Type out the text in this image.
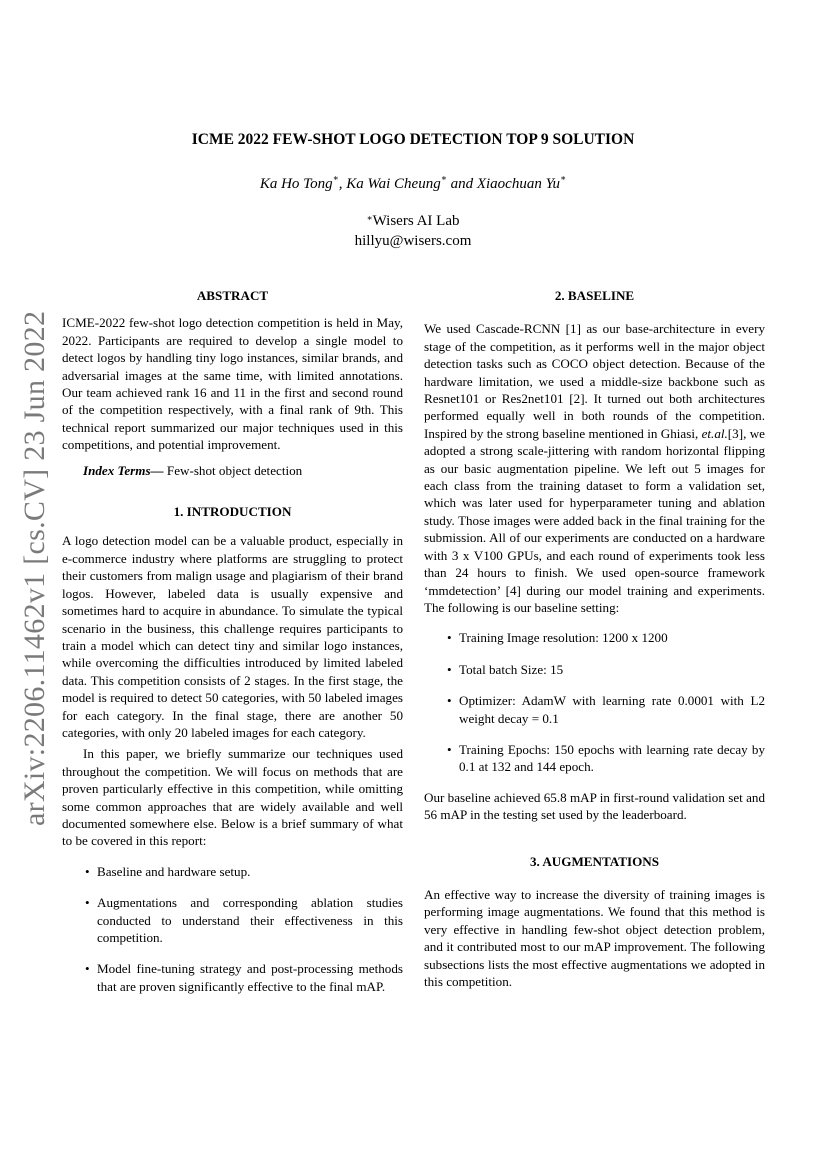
arXiv:2206.11462v1 [cs.CV] 23 Jun 2022
ICME 2022 FEW-SHOT LOGO DETECTION TOP 9 SOLUTION
Ka Ho Tong∗, Ka Wai Cheung∗ and Xiaochuan Yu∗
∗Wisers AI Lab
hillyu@wisers.com
ABSTRACT

ICME-2022 few-shot logo detection competition is held in May, 2022. Participants are required to develop a single model to detect logos by handling tiny logo instances, similar brands, and adversarial images at the same time, with limited annotations. Our team achieved rank 16 and 11 in the first and second round of the competition respectively, with a final rank of 9th. This technical report summarized our major techniques used in this competitions, and potential improvement.

Index Terms— Few-shot object detection

1. INTRODUCTION

A logo detection model can be a valuable product, especially in e-commerce industry where platforms are struggling to protect their customers from malign usage and plagiarism of their brand logos. However, labeled data is usually expensive and sometimes hard to acquire in abundance. To simulate the typical scenario in the business, this challenge requires participants to train a model which can detect tiny and similar logo instances, while overcoming the difficulties introduced by limited labeled data. This competition consists of 2 stages. In the first stage, the model is required to detect 50 categories, with 50 labeled images for each category. In the final stage, there are another 50 categories, with only 20 labeled images for each category.

In this paper, we briefly summarize our techniques used throughout the competition. We will focus on methods that are proven particularly effective in this competition, while omitting some common approaches that are widely available and well documented somewhere else. Below is a brief summary of what to be covered in this report:

• Baseline and hardware setup.
• Augmentations and corresponding ablation studies conducted to understand their effectiveness in this competition.
• Model fine-tuning strategy and post-processing methods that are proven significantly effective to the final mAP.
2. BASELINE

We used Cascade-RCNN [1] as our base-architecture in every stage of the competition, as it performs well in the major object detection tasks such as COCO object detection. Because of the hardware limitation, we used a middle-size backbone such as Resnet101 or Res2net101 [2]. It turned out both architectures performed equally well in both rounds of the competition. Inspired by the strong baseline mentioned in Ghiasi, et.al.[3], we adopted a strong scale-jittering with random horizontal flipping as our basic augmentation pipeline. We left out 5 images for each class from the training dataset to form a validation set, which was later used for hyperparameter tuning and ablation study. Those images were added back in the final training for the submission. All of our experiments are conducted on a hardware with 3 x V100 GPUs, and each round of experiments took less than 24 hours to finish. We used open-source framework ‘mmdetection’ [4] during our model training and experiments. The following is our baseline setting:

• Training Image resolution: 1200 x 1200
• Total batch Size: 15
• Optimizer: AdamW with learning rate 0.0001 with L2 weight decay = 0.1
• Training Epochs: 150 epochs with learning rate decay by 0.1 at 132 and 144 epoch.

Our baseline achieved 65.8 mAP in first-round validation set and 56 mAP in the testing set used by the leaderboard.

3. AUGMENTATIONS

An effective way to increase the diversity of training images is performing image augmentations. We found that this method is very effective in handling few-shot object detection problem, and it contributed most to our mAP improvement. The following subsections lists the most effective augmentations we adopted in this competition.
